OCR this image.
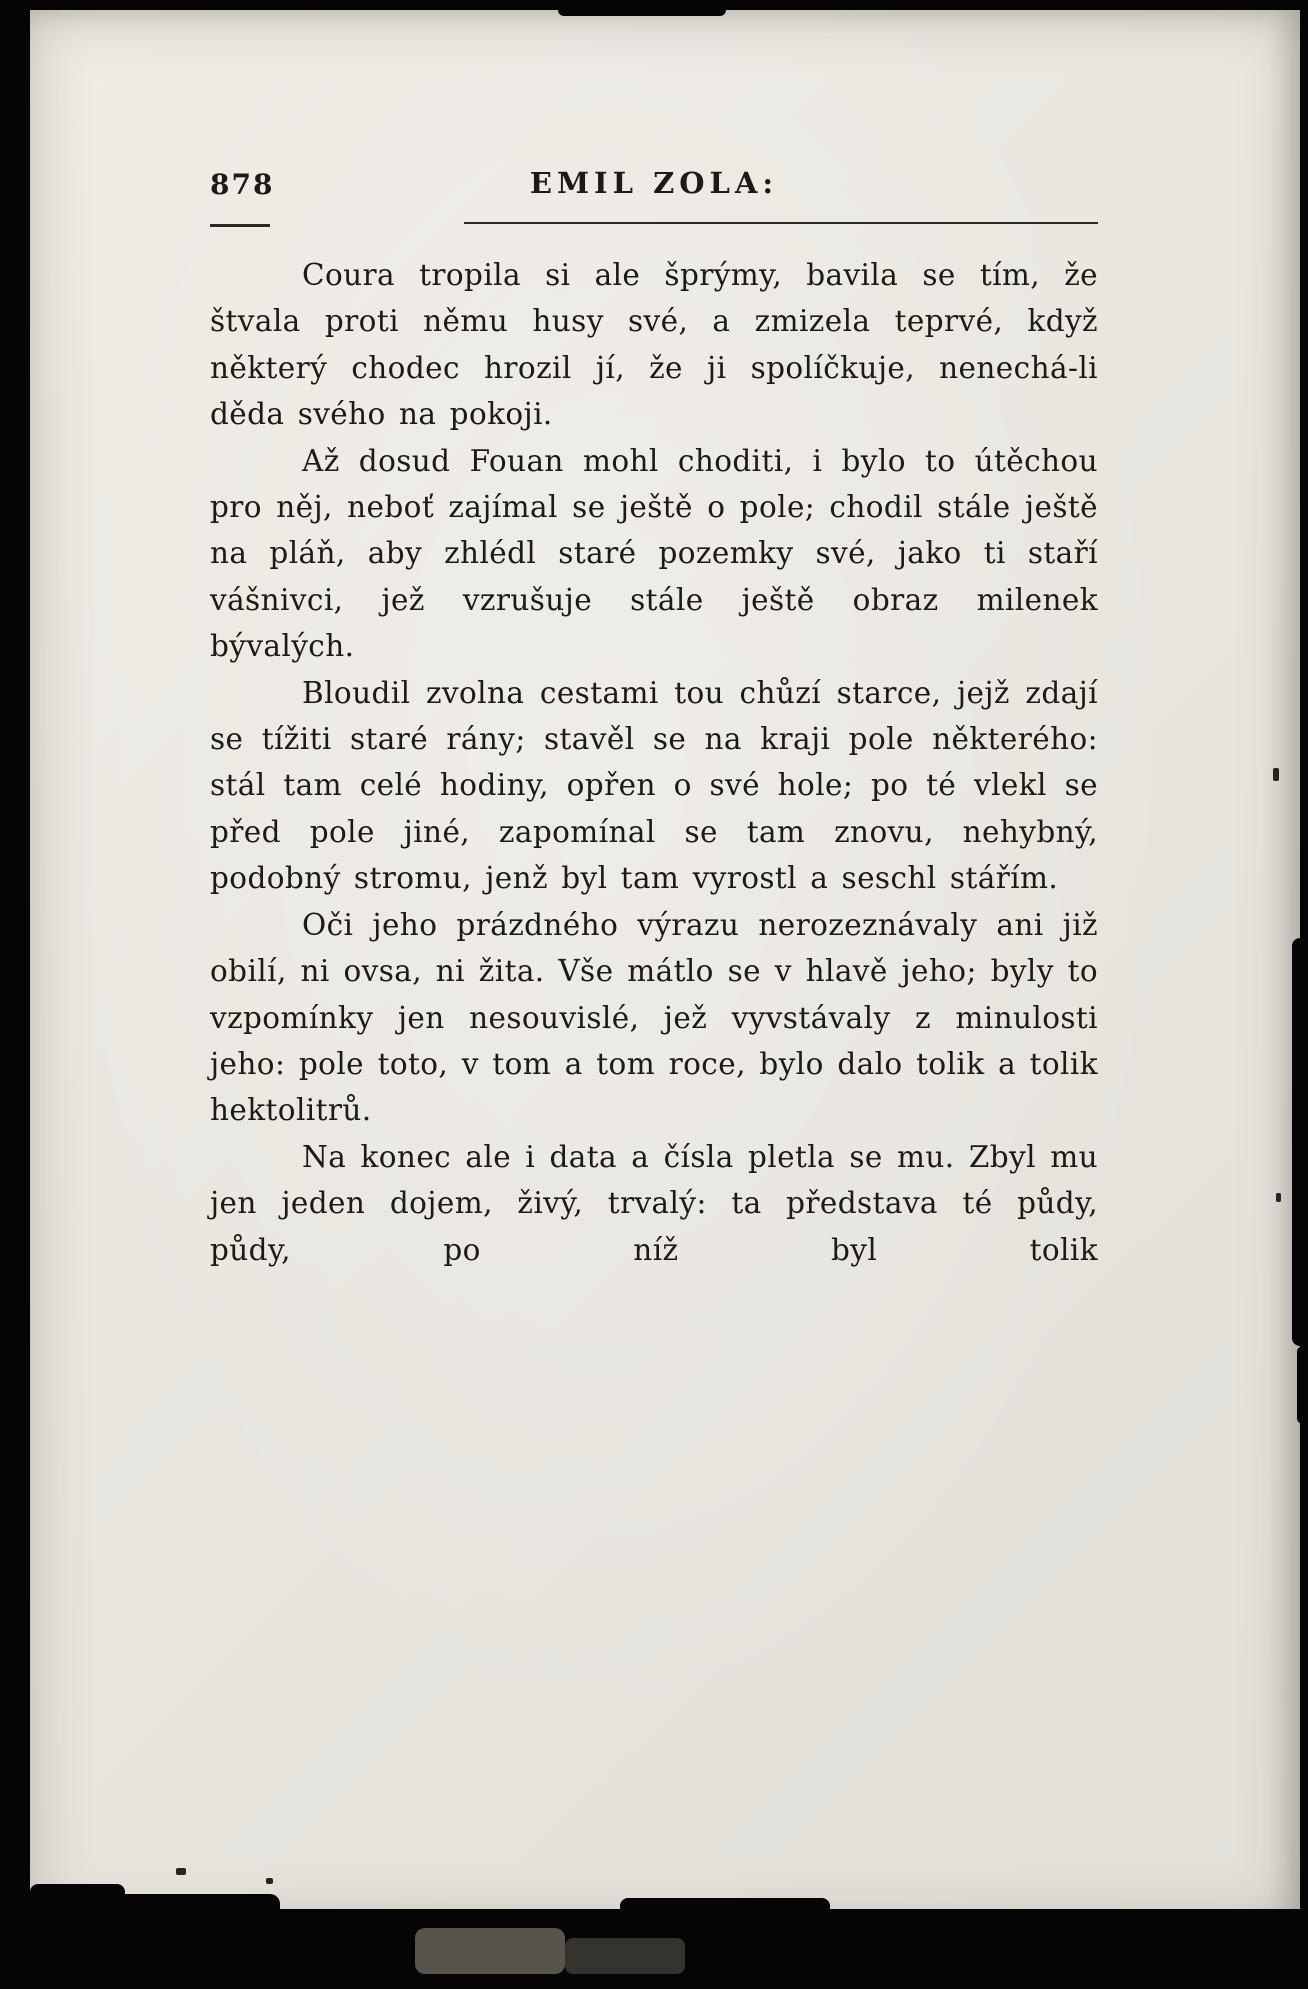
878	EMIL ZOLA:

Coura tropila si ale šprýmy, bavila se tím, že štvala proti němu husy své, a zmizela teprvé, když některý chodec hrozil jí, že ji spolíčkuje, nenechá-li děda svého na pokoji.

Až dosud Fouan mohl choditi, i bylo to útěchou pro něj, neboť zajímal se ještě o pole; chodil stále ještě na pláň, aby zhlédl staré pozemky své, jako ti staří vášnivci, jež vzrušuje stále ještě obraz milenek bývalých.

Bloudil zvolna cestami tou chůzí starce, jejž zdají se tížiti staré rány; stavěl se na kraji pole některého: stál tam celé hodiny, opřen o své hole; po té vlekl se před pole jiné, zapomínal se tam znovu, nehybný, podobný stromu, jenž byl tam vyrostl a seschl stářím.

Oči jeho prázdného výrazu nerozeznávaly ani již obilí, ni ovsa, ni žita. Vše mátlo se v hlavě jeho; byly to vzpomínky jen nesouvislé, jež vyvstávaly z minulosti jeho: pole toto, v tom a tom roce, bylo dalo tolik a tolik hektolitrů.

Na konec ale i data a čísla pletla se mu. Zbyl mu jen jeden dojem, živý, trvalý: ta představa té půdy, půdy, po níž byl tolik
